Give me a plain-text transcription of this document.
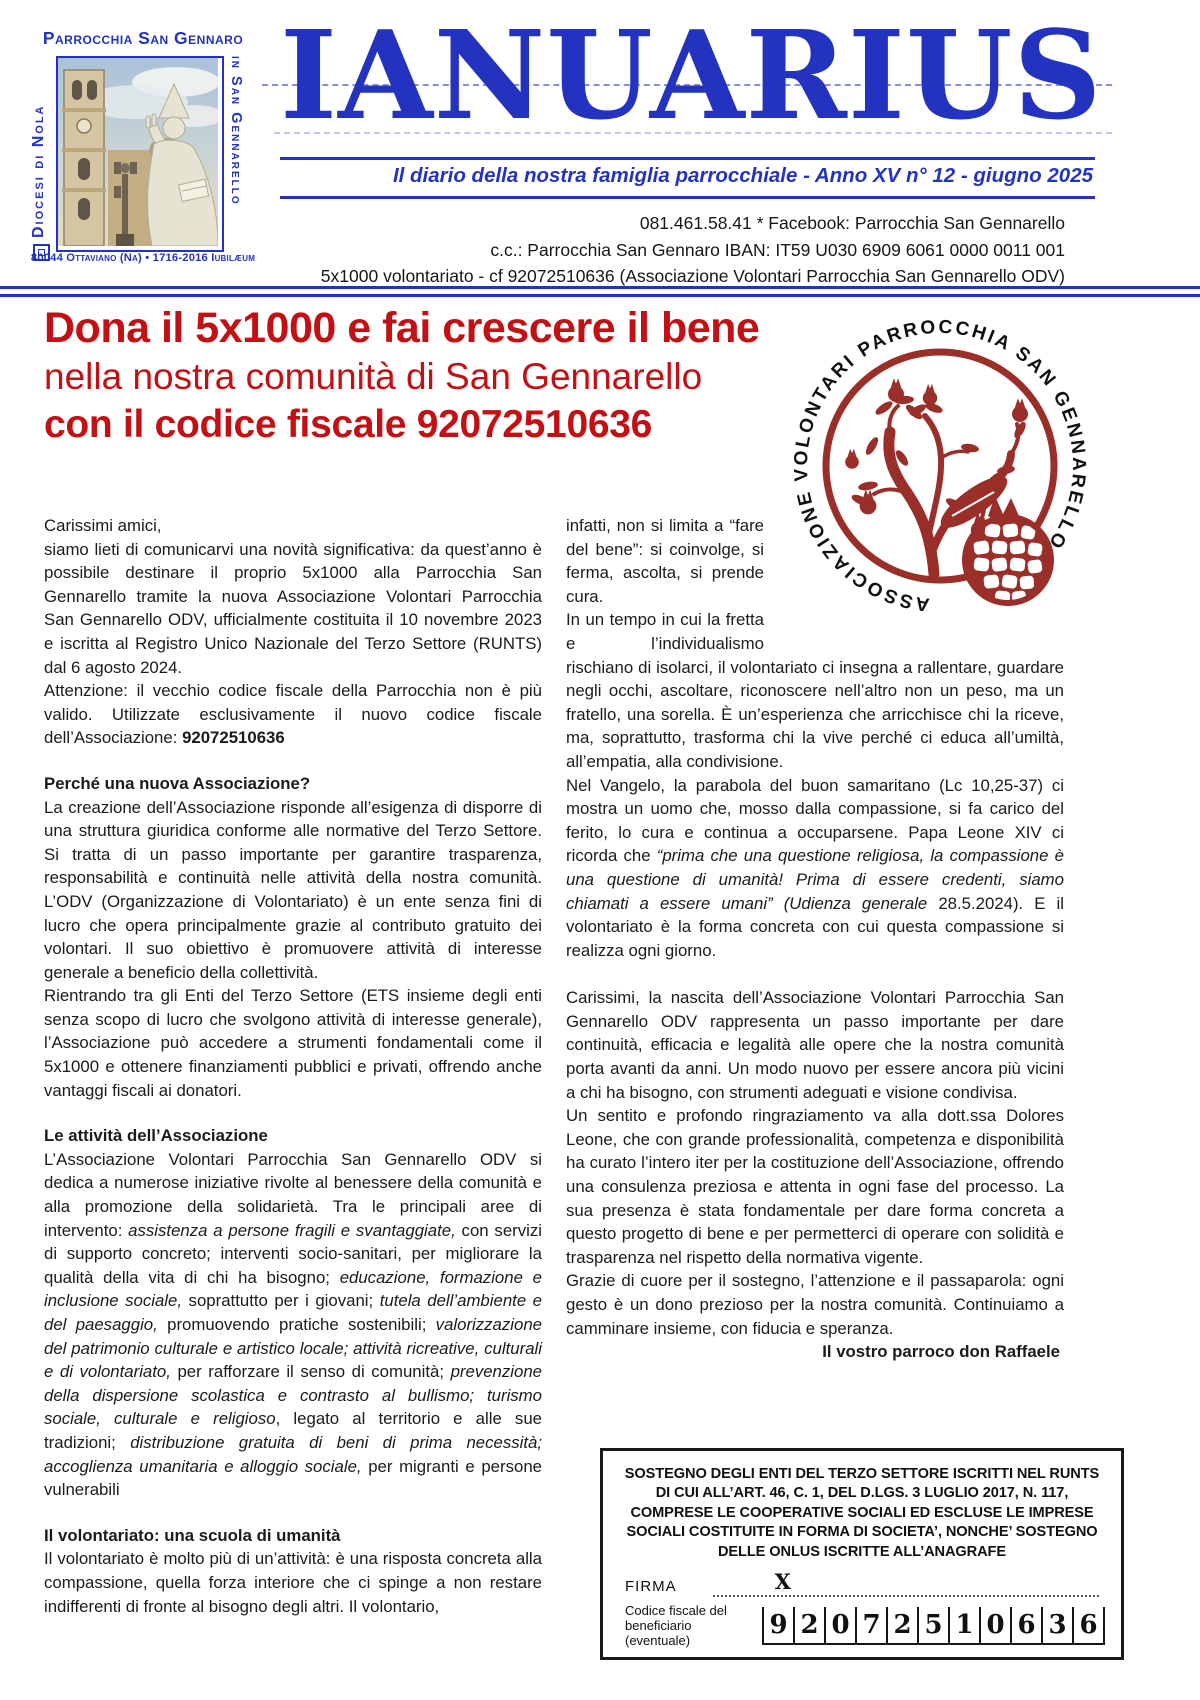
Parrocchia San Gennaro
Diocesi di Nola	in San Gennarello
80044 Ottaviano (Na) • 1716-2016 Iubilæum
IANUARIUS
Il diario della nostra famiglia parrocchiale - Anno XV n° 12 - giugno 2025
081.461.58.41 * Facebook: Parrocchia San Gennarello
c.c.: Parrocchia San Gennaro IBAN: IT59 U030 6909 6061 0000 0011 001
5x1000 volontariato - cf 92072510636 (Associazione Volontari Parrocchia San Gennarello ODV)
Dona il 5x1000 e fai crescere il bene
nella nostra comunità di San Gennarello
con il codice fiscale 92072510636
ASSOCIAZIONE VOLONTARI PARROCCHIA SAN GENNARELLO

Carissimi amici,

siamo lieti di comunicarvi una novità significativa: da quest’anno è possibile destinare il proprio 5x1000 alla Parrocchia San Gennarello tramite la nuova Associazione Volontari Parrocchia San Gennarello ODV, ufficialmente costituita il 10 novembre 2023 e iscritta al Registro Unico Nazionale del Terzo Settore (RUNTS) dal 6 agosto 2024.

Attenzione: il vecchio codice fiscale della Parrocchia non è più valido. Utilizzate esclusivamente il nuovo codice fiscale dell’Associazione: 92072510636

Perché una nuova Associazione?

La creazione dell’Associazione risponde all’esigenza di disporre di una struttura giuridica conforme alle normative del Terzo Settore. Si tratta di un passo importante per garantire trasparenza, responsabilità e continuità nelle attività della nostra comunità. L’ODV (Organizzazione di Volontariato) è un ente senza fini di lucro che opera principalmente grazie al contributo gratuito dei volontari. Il suo obiettivo è promuovere attività di interesse generale a beneficio della collettività.

Rientrando tra gli Enti del Terzo Settore (ETS insieme degli enti senza scopo di lucro che svolgono attività di interesse generale), l’Associazione può accedere a strumenti fondamentali come il 5x1000 e ottenere finanziamenti pubblici e privati, offrendo anche vantaggi fiscali ai donatori.

Le attività dell’Associazione

L’Associazione Volontari Parrocchia San Gennarello ODV si dedica a numerose iniziative rivolte al benessere della comunità e alla promozione della solidarietà. Tra le principali aree di intervento: assistenza a persone fragili e svantaggiate, con servizi di supporto concreto; interventi socio-sanitari, per migliorare la qualità della vita di chi ha bisogno; educazione, formazione e inclusione sociale, soprattutto per i giovani; tutela dell’ambiente e del paesaggio, promuovendo pratiche sostenibili; valorizzazione del patrimonio culturale e artistico locale; attività ricreative, culturali e di volontariato, per rafforzare il senso di comunità; prevenzione della dispersione scolastica e contrasto al bullismo; turismo sociale, culturale e religioso, legato al territorio e alle sue tradizioni; distribuzione gratuita di beni di prima necessità; accoglienza umanitaria e alloggio sociale, per migranti e persone vulnerabili

Il volontariato: una scuola di umanità

Il volontariato è molto più di un’attività: è una risposta concreta alla compassione, quella forza interiore che ci spinge a non restare indifferenti di fronte al bisogno degli altri. Il volontario,

infatti, non si limita a “fare del bene”: si coinvolge, si ferma, ascolta, si prende cura.

In un tempo in cui la fretta e l’individualismo rischiano di isolarci, il volontariato ci insegna a rallentare, guardare negli occhi, ascoltare, riconoscere nell’altro non un peso, ma un fratello, una sorella. È un’esperienza che arricchisce chi la riceve, ma, soprattutto, trasforma chi la vive perché ci educa all’umiltà, all’empatia, alla condivisione.

Nel Vangelo, la parabola del buon samaritano (Lc 10,25-37) ci mostra un uomo che, mosso dalla compassione, si fa carico del ferito, lo cura e continua a occuparsene. Papa Leone XIV ci ricorda che “prima che una questione religiosa, la compassione è una questione di umanità! Prima di essere credenti, siamo chiamati a essere umani” (Udienza generale 28.5.2024). E il volontariato è la forma concreta con cui questa compassione si realizza ogni giorno.

Carissimi, la nascita dell’Associazione Volontari Parrocchia San Gennarello ODV rappresenta un passo importante per dare continuità, efficacia e legalità alle opere che la nostra comunità porta avanti da anni. Un modo nuovo per essere ancora più vicini a chi ha bisogno, con strumenti adeguati e visione condivisa.

Un sentito e profondo ringraziamento va alla dott.ssa Dolores Leone, che con grande professionalità, competenza e disponibilità ha curato l’intero iter per la costituzione dell’Associazione, offrendo una consulenza preziosa e attenta in ogni fase del processo. La sua presenza è stata fondamentale per dare forma concreta a questo progetto di bene e per permetterci di operare con solidità e trasparenza nel rispetto della normativa vigente.

Grazie di cuore per il sostegno, l’attenzione e il passaparola: ogni gesto è un dono prezioso per la nostra comunità. Continuiamo a camminare insieme, con fiducia e speranza.

Il vostro parroco don Raffaele

SOSTEGNO DEGLI ENTI DEL TERZO SETTORE ISCRITTI NEL RUNTS DI CUI ALL’ART. 46, C. 1, DEL D.LGS. 3 LUGLIO 2017, N. 117, COMPRESE LE COOPERATIVE SOCIALI ED ESCLUSE LE IMPRESE SOCIALI COSTITUITE IN FORMA DI SOCIETA’, NONCHE’ SOSTEGNO DELLE ONLUS ISCRITTE ALL’ANAGRAFE
FIRMA	X
Codice fiscale del
beneficiario (eventuale)
9 2 0 7 2 5 1 0 6 3 6
